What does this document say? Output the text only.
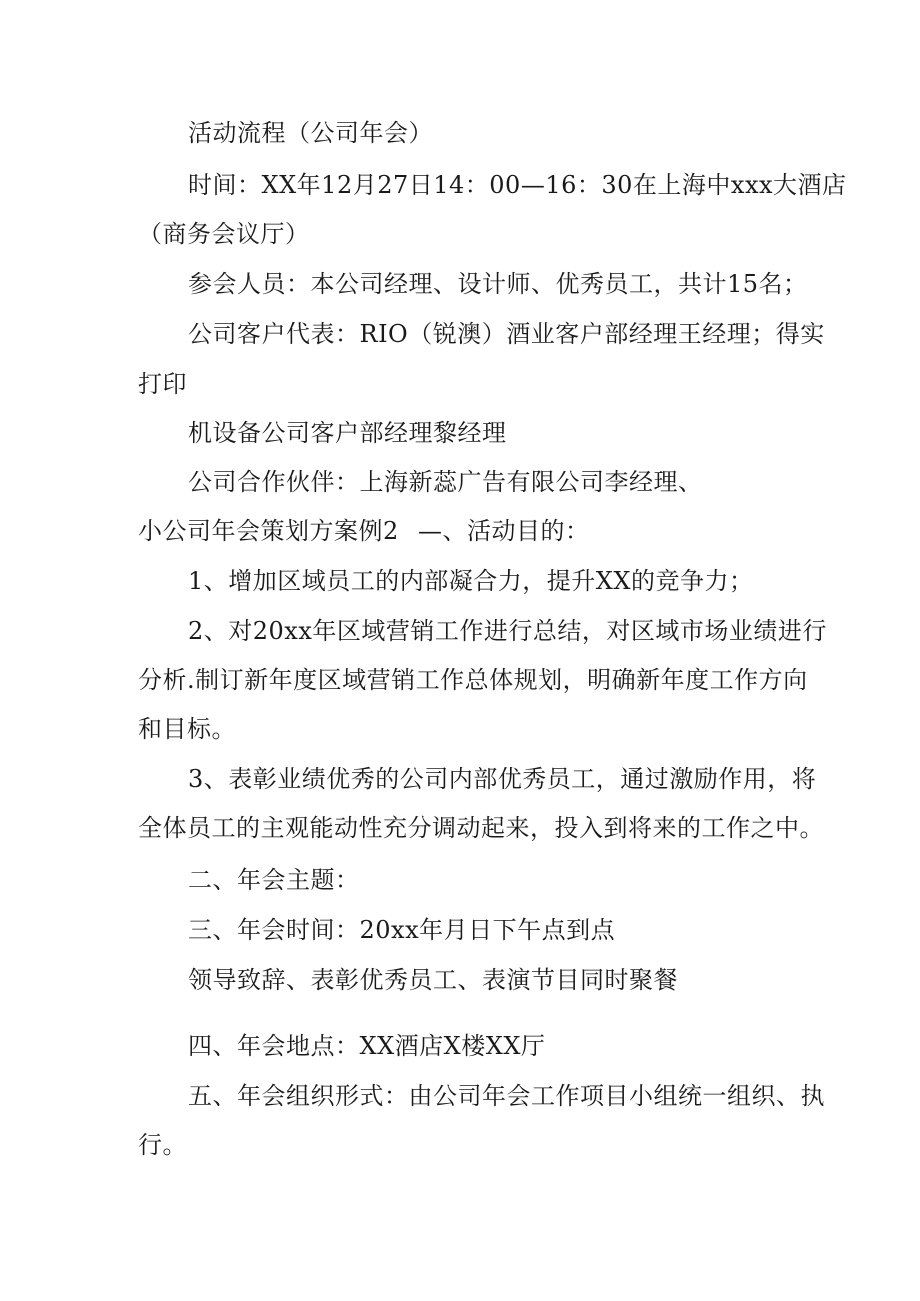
活动流程（公司年会）
时间：XX年12月27日14：00—16：30在上海中xxx大酒店
（商务会议厅）
参会人员：本公司经理、设计师、优秀员工，共计15名；
公司客户代表：RIO（锐澳）酒业客户部经理王经理；得实
打印
机设备公司客户部经理黎经理
公司合作伙伴：上海新蕊广告有限公司李经理、
小公司年会策划方案例2 —、活动目的：
1、增加区域员工的内部凝合力，提升XX的竞争力；
2、对20xx年区域营销工作进行总结，对区域市场业绩进行
分析.制订新年度区域营销工作总体规划，明确新年度工作方向
和目标。
3、表彰业绩优秀的公司内部优秀员工，通过激励作用，将
全体员工的主观能动性充分调动起来，投入到将来的工作之中。
二、年会主题：
三、年会时间：20xx年月日下午点到点
领导致辞、表彰优秀员工、表演节目同时聚餐
四、年会地点：XX酒店X楼XX厅
五、年会组织形式：由公司年会工作项目小组统一组织、执
行。
